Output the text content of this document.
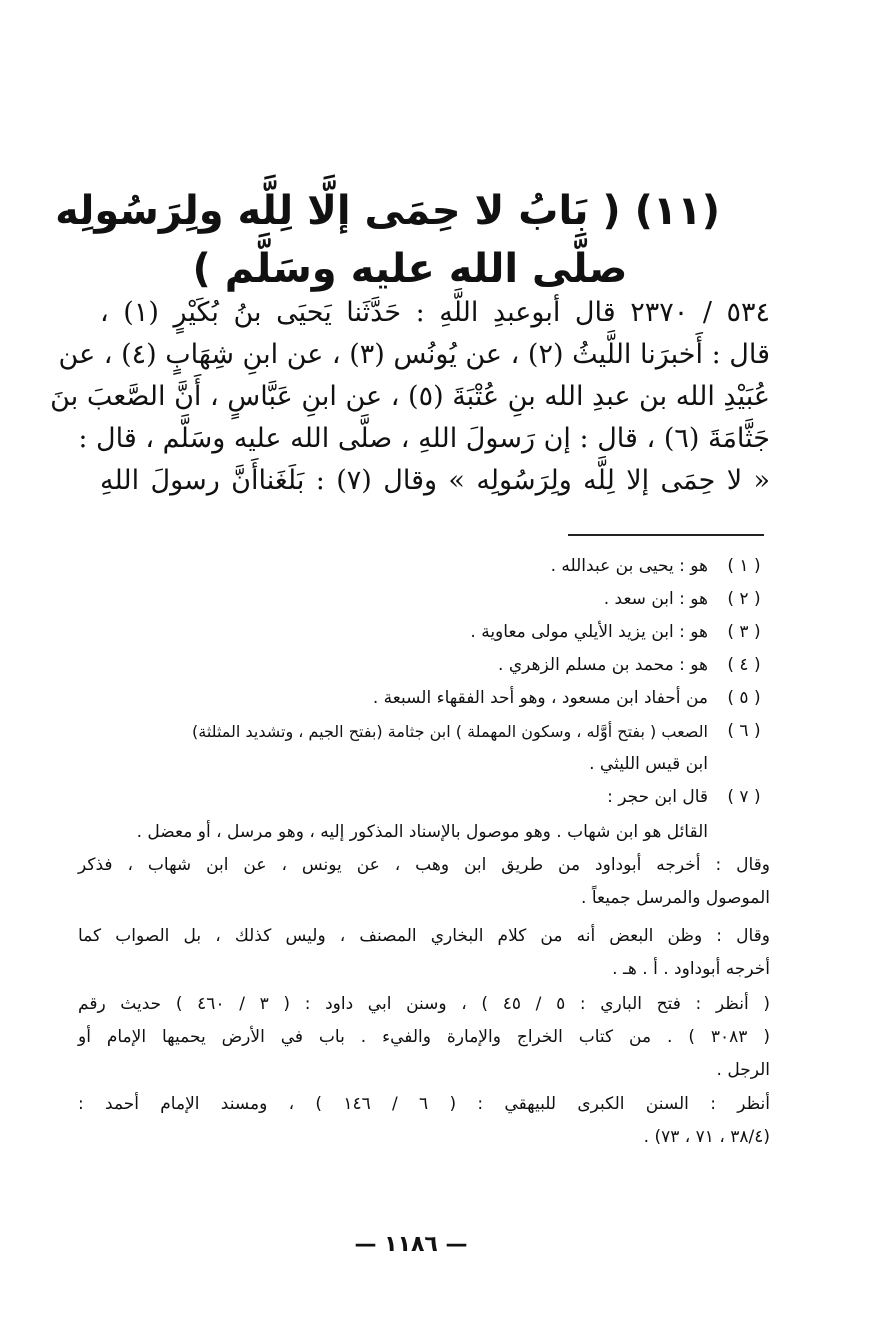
(١١) ( بَابُ لا حِمَى إلَّا لِلَّه ولِرَسُولِه
صلَّى الله عليه وسَلَّم )
٥٣٤ / ٢٣٧٠ قال أبوعبدِ اللَّهِ : حَدَّثَنا يَحيَى بنُ بُكَيْرٍ (١) ،
قال : أَخبرَنا اللَّيثُ (٢) ، عن يُونُس (٣) ، عن ابنِ شِهَابٍ (٤) ، عن
عُبَيْدِ الله بن عبدِ الله بنِ عُتْبَةَ (٥) ، عن ابنِ عَبَّاسٍ ، أَنَّ الصَّعبَ بنَ
جَثَّامَةَ (٦) ، قال : إن رَسولَ اللهِ ، صلَّى الله عليه وسَلَّم ، قال :
« لا حِمَى إلا لِلَّه ولِرَسُولِه » وقال (٧) : بَلَغَناأَنَّ رسولَ اللهِ
( ١ )
هو : يحيى بن عبدالله .
( ٢ )
هو : ابن سعد .
( ٣ )
هو : ابن يزيد الأيلي مولى معاوية .
( ٤ )
هو : محمد بن مسلم الزهري .
( ٥ )
من أحفاد ابن مسعود ، وهو أحد الفقهاء السبعة .
( ٦ )
الصعب ( بفتح أوَّله ، وسكون المهملة ) ابن جثامة (بفتح الجيم ، وتشديد المثلثة)
ابن قيس الليثي .
( ٧ )
قال ابن حجر :
القائل هو ابن شهاب . وهو موصول بالإسناد المذكور إليه ، وهو مرسل ، أو معضل .
وقال : أخرجه أبوداود من طريق ابن وهب ، عن يونس ، عن ابن شهاب ، فذكر
الموصول والمرسل جميعاً .
وقال : وظن البعض أنه من كلام البخاري المصنف ، وليس كذلك ، بل الصواب كما
أخرجه أبوداود . أ . هـ .
( أنظر : فتح الباري : ٥ / ٤٥ ) ، وسنن ابي داود : ( ٣ / ٤٦٠ ) حديث رقم
( ٣٠٨٣ ) . من كتاب الخراج والإمارة والفيء . باب في الأرض يحميها الإمام أو
الرجل .
أنظر : السنن الكبرى للبيهقي : ( ٦ / ١٤٦ ) ، ومسند الإمام أحمد :
(٣٨/٤ ، ٧١ ، ٧٣) .
— ١١٨٦ —
